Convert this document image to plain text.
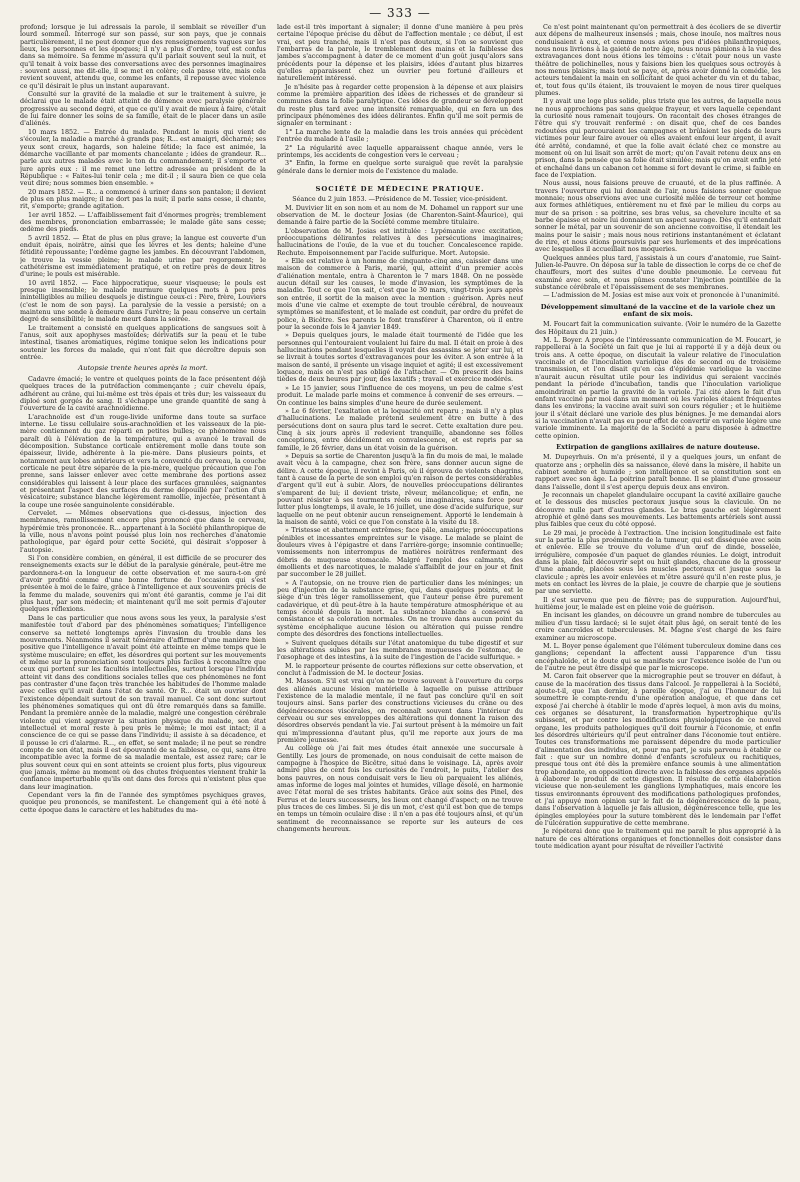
— 333 —

profond; lorsque je lui adressais la parole, il semblait se réveiller d'un lourd sommeil. Interrogé sur son passé, sur son pays, que je connais particulièrement, il ne peut donner que des renseignements vagues sur les lieux, les personnes et les époques; il n'y a plus d'ordre, tout est confus dans sa mémoire. Sa femme m'assura qu'il parlait souvent seul la nuit, et qu'il tenait à voix basse des conversations avec des personnes imaginaires : souvent aussi, me dit-elle, il se met en colère; cela passe vite, mais cela revient souvent, attendu que, comme les enfants, il repousse avec violence ce qu'il désirait le plus un instant auparavant.

Consulté sur la gravité de la maladie et sur le traitement à suivre, je déclarai que le malade était atteint de démence avec paralysie générale progressive au second degré, et que ce qu'il y avait de mieux à faire, c'était de lui faire donner les soins de sa famille, était de le placer dans un asile d'aliénés.

10 mars 1852. — Entrée du malade. Pendant le mois qui vient de s'écouler, la maladie a marché à grands pas; R... est amaigri, décharné; ses yeux sont creux, hagards, son haleine fétide; la face est animée, la démarche vacillante et par moments chancelante ; idées de grandeur. R... parle aux autres malades avec le ton du commandement; il s'emporte et jure après eux : il me remet une lettre adressée au président de la République : « Faites-lui tenir cela ; me dit-il ; il saura bien ce que cela veut dire; nous sommes bien ensemble. »

20 mars 1852. — R... a commencé à uriner dans son pantalon; il devient de plus en plus maigre; il ne dort pas la nuit; il parle sans cesse, il chante, rit, s'emporte; grande agitation.

1er avril 1852. — L'affaiblissement fait d'énormes progrès; tremblement des membres, prononciation embarrassée; le malade gâte sans cesse; œdème des pieds.

5 avril 1852. — État de plus en plus grave; la langue est couverte d'un enduit épais, noirâtre, ainsi que les lèvres et les dents; haleine d'une fétidité repoussante; l'œdème gagne les jambes. En découvrant l'abdomen, je trouve la vessie pleine; le malade urine par regorgement; le cathétérisme est immédiatement pratiqué, et on retire près de deux litres d'urine; le pouls est misérable.

10 avril 1852. — Face hippocratique, sueur visqueuse; le pouls est presque insensible; le malade murmure quelques mots à peu près inintelligibles au milieu desquels je distingue ceux-ci : Père, frère, Louviers (c'est le nom de son pays). La paralysie de la vessie a persisté; on a maintenu une sonde à demeure dans l'urètre; la peau conserve un certain degré de sensibilité; le malade meurt dans la soirée.

Le traitement a consisté en quelques applications de sangsues soit à l'anus, soit aux apophyses mastoïdes; dérivatifs sur la peau et le tube intestinal, tisanes aromatiques, régime tonique selon les indications pour soutenir les forces du malade, qui n'ont fait que décroître depuis son entrée.

Autopsie trente heures après la mort.

Cadavre émacié; le ventre et quelques points de la face présentent déjà quelques traces de la putréfaction commençante ; cuir chevelu épais, adhérent au crâne, qui lui-même est très épais et très dur; les vaisseaux du diploé sont gorgés de sang. Il s'échappe une grande quantité de sang à l'ouverture de la cavité arachnoïdienne.

L'arachnoïde est d'un rouge-livide uniforme dans toute sa surface interne. Le tissu cellulaire sous-arachnoïdien et les vaisseaux de la pie-mère contiennent du gaz réparti en petites bulles; ce phénomène nous paraît dû à l'élévation de la température, qui a avancé le travail de décomposition. Substance corticale entièrement molle dans toute son épaisseur, livide, adhérente à la pie-mère. Dans plusieurs points, et notamment aux lobes antérieurs et vers la convexité du cerveau, la couche corticale ne peut être séparée de la pie-mère, quelque précaution que l'on prenne, sans laisser enlever avec cette membrane des portions assez considérables qui laissent à leur place des surfaces granulées, saignantes et présentant l'aspect des surfaces du derme dépouillé par l'action d'un vésicatoire; substance blanche légèrement ramollie, injectée, présentant à la coupe une rosée sanguinolente considérable.

Cervelet. — Mêmes observations que ci-dessus, injection des membranes, ramollissement encore plus prononcé que dans le cerveau, hypérémie très prononcée. R... appartenant à la Société philanthropique de la ville, nous n'avons point poussé plus loin nos recherches d'anatomie pathologique, par égard pour cette Société, qui désirait s'opposer à l'autopsie.

Si l'on considère combien, en général, il est difficile de se procurer des renseignements exacts sur le début de la paralysie générale, peut-être me pardonnera-t-on la longueur de cette observation et me saura-t-on gré d'avoir profité comme d'une bonne fortune de l'occasion qui s'est présentée à moi de le faire, grâce à l'intelligence et aux souvenirs précis de la femme du malade, souvenirs qui m'ont été garantis, comme je l'ai dit plus haut, par son médecin; et maintenant qu'il me soit permis d'ajouter quelques réflexions.

Dans le cas particulier que nous avons sous les yeux, la paralysie s'est manifestée tout d'abord par des phénomènes somatiques; l'intelligence conserve sa netteté longtemps après l'invasion du trouble dans les mouvements. Néanmoins il serait téméraire d'affirmer d'une manière bien positive que l'intelligence n'avait point été atteinte en même temps que le système musculaire; en effet, les désordres qui portent sur les mouvements et même sur la prononciation sont toujours plus faciles à reconnaître que ceux qui portent sur les facultés intellectuelles, surtout lorsque l'individu atteint vit dans des conditions sociales telles que ces phénomènes ne font pas contraster d'une façon très tranchée les habitudes de l'homme malade avec celles qu'il avait dans l'état de santé. Or R... était un ouvrier dont l'existence dépendait surtout de son travail manuel. Ce sont donc surtout les phénomènes somatiques qui ont dû être remarqués dans sa famille. Pendant la première année de la maladie, malgré une congestion cérébrale violente qui vient aggraver la situation physique du malade, son état intellectuel et moral reste à peu près le même; le moi est intact; il a conscience de ce qui se passe dans l'individu; il assiste à sa décadence, et il pousse le cri d'alarme. R..., en effet, se sent malade; il ne peut se rendre compte de son état, mais il est épouvanté de sa faiblesse, ce qui, sans être incompatible avec la forme de sa maladie mentale, est assez rare; car le plus souvent ceux qui en sont atteints se croient plus forts, plus vigoureux que jamais, même au moment où des chutes fréquentes viennent trahir la confiance imperturbable qu'ils ont dans des forces qui n'existent plus que dans leur imagination.

Cependant vers la fin de l'année des symptômes psychiques graves, quoique peu prononcés, se manifestent. Le changement qui a été noté à cette époque dans le caractère et les habitudes du ma-

lade est-il très important à signaler; il donne d'une manière à peu près certaine l'époque précise du début de l'affection mentale ; ce début, il est vrai, est peu tranché, mais il n'est pas douteux, si l'on se souvient que l'embarras de la parole, le tremblement des mains et la faiblesse des jambes s'accompagnent à dater de ce moment d'un goût jusqu'alors sans précédents pour la dépense et les plaisirs, idées d'autant plus bizarres qu'elles apparaissent chez un ouvrier peu fortuné d'ailleurs et naturellement intéressé.

Je n'hésite pas à regarder cette propension à la dépense et aux plaisirs comme la première apparition des idées de richesses et de grandeur si communes dans la folie paralytique. Ces idées de grandeur se développent du reste plus tard avec une intensité remarquable, qui en fera un des principaux phénomènes des idées délirantes. Enfin qu'il me soit permis de signaler en terminant :

1° La marche lente de la maladie dans les trois années qui précèdent l'entrée du malade à l'asile ;

2° La régularité avec laquelle apparaissent chaque année, vers le printemps, les accidents de congestion vers le cerveau ;

3° Enfin, la forme en quelque sorte suraiguë que revêt la paralysie générale dans le dernier mois de l'existence du malade.

SOCIÉTÉ DE MÉDECINE PRATIQUE.

Séance du 2 juin 1853. —Présidence de M. Tessier, vice-président.

M. Duvivier lit en son nom et au nom de M. Dohamel un rapport sur une observation de M. le docteur Josias (de Charenton-Saint-Maurice), qui demande à faire partie de la Société comme membre titulaire.

L'observation de M. Josias est intitulée : Lypémanie avec excitation, préoccupations délirantes relatives à des persécutions imaginaires; hallucinations de l'ouïe, de la vue et du toucher. Concalescence rapide. Rechute. Empoisonnement par l'acide sulfurique. Mort. Autopsie.

« Elle est relative à un homme de cinquante-cinq ans, caissier dans une maison de commerce à Paris, marié, qui, atteint d'un premier accès d'aliénation mentale, entra à Charenton le 7 mars 1848. On ne possède aucun détail sur les causes, le mode d'invasion, les symptômes de la maladie. Tout ce que l'on sait, c'est que le 30 mars, vingt-trois jours après son entrée, il sortit de la maison avec la mention : guérison. Après neuf mois d'une vie calme et exempte de tout trouble cérébral, de nouveaux symptômes se manifestent, et le malade est conduit, par ordre du préfet de police, à Bicêtre. Ses parents le font transférer à Charenton, où il entre pour la seconde fois le 4 janvier 1849.

» Depuis quelques jours, le malade était tourmenté de l'idée que les personnes qui l'entouraient voulaient lui faire du mal. Il était en proie à des hallucinations pendant lesquelles il voyait des assassins se jeter sur lui, et se livrait à toutes sortes d'extravagances pour les éviter. A son entrée à la maison de santé, il présente un visage inquiet et agité; il est excessivement loquace, mais on n'est pas obligé de l'attacher. — On prescrit des bains tièdes de deux heures par jour, des laxatifs ; travail et exercice modérés.

» Le 15 janvier, sous l'influence de ces moyens, un peu de calme s'est produit. Le malade parle moins et commence à convenir de ses erreurs. — On continue les bains simples d'une heure de durée seulement.

» Le 6 février, l'exaltation et la loquacité ont reparu ; mais il n'y a plus d'hallucinations. Le malade prétend seulement être en butte à des persécutions dont on saura plus tard le secret. Cette exaltation dure peu. Cinq à six jours après il redevient tranquille, abandonne ses folles conceptions, entre décidément en convalescence, et est repris par sa famille, le 26 février, dans un état voisin de la guérison.

» Depuis sa sortie de Charenton jusqu'à la fin du mois de mai, le malade avait vécu à la campagne, chez son frère, sans donner aucun signe de délire. A cette époque, il revint à Paris, où il éprouva de violents chagrins, tant à cause de la perte de son emploi qu'en raison de pertes considérables d'argent qu'il eut à subir. Alors, de nouvelles préoccupations délirantes s'emparent de lui; il devient triste, rêveur, mélancolique; et enfin, ne pouvant résister à ses tourments réels ou imaginaires, sans force pour lutter plus longtemps, il avale, le 16 juillet, une dose d'acide sulfurique, sur laquelle on ne peut obtenir aucun renseignement. Apporté le lendemain à la maison de santé, voici ce que l'on constate à la visite du 18.

» Tristesse et abattement extrêmes; face pâle, amaigrie; préoccupations pénibles et incessantes empreintes sur le visage. Le malade se plaint de douleurs vives à l'épigastre et dans l'arrière-gorge; insomnie continuelle; vomissements non interrompus de matières noirâtres renfermant des débris de muqueuse stomacale. Malgré l'emploi des calmants, des émollients et des narcotiques, le malade s'affaiblit de jour en jour et finit par succomber le 28 juillet.

» A l'autopsie, on ne trouve rien de particulier dans les méninges; un peu d'injection de la substance grise, qui, dans quelques points, est le siège d'un très léger ramollissement, que l'auteur pense être purement cadavérique, et dû peut-être à la haute température atmosphérique et au temps écoulé depuis la mort. La substance blanche a conservé sa consistance et sa coloration normales. On ne trouve dans aucun point du système encéphalique aucune lésion ou altération qui puisse rendre compte des désordres des fonctions intellectuelles.

» Suivent quelques détails sur l'état anatomique du tube digestif et sur les altérations subies par les membranes muqueuses de l'estomac, de l'œsophage et des intestins, à la suite de l'ingestion de l'acide sulfurique. »

M. le rapporteur présente de courtes réflexions sur cette observation, et conclut à l'admission de M. le docteur Josias.

M. Masson. S'il est vrai qu'on ne trouve souvent à l'ouverture du corps des aliénés aucune lésion matérielle à laquelle on puisse attribuer l'existence de la maladie mentale, il ne faut pas conclure qu'il en soit toujours ainsi. Sans parler des constructions vicieuses du crâne ou des dégénérescences viscérales, on reconnaît souvent dans l'intérieur du cerveau ou sur ses enveloppes des altérations qui donnent la raison des désordres observés pendant la vie. J'ai surtout présent à la mémoire un fait qui m'impressionna d'autant plus, qu'il me reporte aux jours de ma première jeunesse.

Au collège où j'ai fait mes études était annexée une succursale à Gentilly. Les jours de promenade, on nous conduisait de cette maison de campagne à l'hospice de Bicêtre, situé dans le voisinage. Là, après avoir admiré plus de cent fois les curiosités de l'endroit, le puits, l'atelier des bons pauvres, on nous conduisait vers le lieu où parquaient les aliénés, amas informe de loges mal jointes et humides, village désolé, en harmonie avec l'état moral de ses tristes habitants. Grâce aux soins des Pinel, des Ferrus et de leurs successeurs, les lieux ont changé d'aspect; on ne trouve plus traces de ces limbes. Si je dis un mot, c'est qu'il est bon que de temps en temps un témoin oculaire dise : il n'en a pas été toujours ainsi, et qu'un sentiment de reconnaissance se reporte sur les auteurs de ces changements heureux.

Ce n'est point maintenant qu'on permettrait à des écoliers de se divertir aux dépens de malheureux insensés ; mais, chose inouïe, nos maîtres nous conduisaient à eux, et comme nous avions peu d'idées philanthropiques, nous nous livrions à la gaieté de notre âge, nous nous pâmions à la vue des extravagances dont nous étions les témoins : c'était pour nous un vaste théâtre de polichinelles, nous y faisions bien les quelques sous octroyés à nos menus plaisirs; mais tout se paye, et, après avoir donné la comédie, les acteurs tendaient la main en sollicitant de quoi acheter du vin et du tabac, et, tout fous qu'ils étaient, ils trouvaient le moyen de nous tirer quelques plumes.

Il y avait une loge plus solide, plus triste que les autres, de laquelle nous ne nous approchions pas sans quelque frayeur, et vers laquelle cependant la curiosité nous ramenait toujours. On racontait des choses étranges de l'être qui s'y trouvait renfermé : on disait que, chef de ces bandes redoutées qui parcouraient les campagnes et brûlaient les pieds de leurs victimes pour leur faire avouer où elles avaient enfoui leur argent, il avait été arrêté, condamné, et que la folie avait éclaté chez ce monstre au moment où on lui lisait son arrêt de mort; qu'on l'avait retenu deux ans en prison, dans la pensée que sa folie était simulée; mais qu'on avait enfin jeté et enchaîné dans un cabanon cet homme si fort devant le crime, si faible en face de l'expiation.

Nous aussi, nous faisions preuve de cruauté, et de la plus raffinée. A travers l'ouverture qui lui donnait de l'air, nous faisions sonner quelque monnaie; nous observions avec une curiosité mêlée de terreur cet homme aux formes athlétiques, entièrement nu et fixé par le milieu du corps au mur de sa prison : sa poitrine, ses bras velus, sa chevelure inculte et sa barbe épaisse et noire lui donnaient un aspect sauvage. Dès qu'il entendait sonner le métal, par un souvenir de son ancienne convoitise, il étendait les mains pour le saisir ; mais nous nous retirions instantanément et éclatant de rire, et nous étions poursuivis par ses hurlements et des imprécations avec lesquelles il accueillait nos moqueries.

Quelques années plus tard, j'assistais à un cours d'anatomie, rue Saint-Julien-le-Pauvre. On déposa sur la table de dissection le corps de ce chef de chauffeurs, mort des suites d'une double pneumonie. Le cerveau fut examiné avec soin, et nous pûmes constater l'injection pointillée de la substance cérébrale et l'épaississement de ses membranes.

— L'admission de M. Josias est mise aux voix et prononcée à l'unanimité.

Développement simultané de la vaccine et de la variole chez un enfant de six mois.

M. Foucart fait la communication suivante. (Voir le numéro de la Gazette des Hôpitaux du 21 juin.)

M. L. Boyer. A propos de l'intéressante communication de M. Foucart, je rappellerai à la Société un fait que je lui ai rapporté il y a déjà deux ou trois ans. A cette époque, on discutait la valeur relative de l'inoculation vaccinale et de l'inoculation variolique dès de second ou de troisième transmission, et l'on disait qu'en cas d'épidémie variolique la vaccine n'aurait aucun résultat utile pour les individus qui seraient vaccinés pendant la période d'incubation, tandis que l'inoculation variolique amoindrirait en partie la gravité de la variole. J'ai cité alors le fait d'un enfant vacciné par moi dans un moment où les varioles étaient fréquentes dans les environs; la vaccine avait suivi son cours régulier ; et le huitième jour il s'était déclaré une variole des plus bénignes. Je me demandai alors si la vaccination n'avait pas eu pour effet de convertir en variole légère une variole imminente. La majorité de la Société a paru disposée à admettre cette opinion.

Extirpation de ganglions axillaires de nature douteuse.

M. Dupeyrhuis. On m'a présenté, il y a quelques jours, un enfant de quatorze ans ; orphelin dès sa naissance, élevé dans la misère, il habite un cabinet sombre et humide ; son intelligence et sa constitution sont en rapport avec son âge. La poitrine paraît bonne. Il se plaint d'une grosseur dans l'aisselle, dont il s'est aperçu depuis deux ans environ.

Je reconnais un chapelet glandulaire occupant la cavité axillaire gauche et le dessous des muscles pectoraux jusque sous la clavicule. On ne découvre nulle part d'autres glandes. Le bras gauche est légèrement atrophié et gêné dans ses mouvements. Les battements artériels sont aussi plus faibles que ceux du côté opposé.

Le 29 mai, je procède à l'extraction. Une incision longitudinale est faite sur la partie la plus proéminente de la tumeur, qui est disséquée avec soin et enlevée. Elle se trouve du volume d'un œuf de dinde, bosselée, irrégulière, composée d'un paquet de glandes réunies. Le doigt, introduit dans la plaie, fait découvrir sept ou huit glandes, chacune de la grosseur d'une amande, placées sous les muscles pectoraux et jusque sous la clavicule ; après les avoir enlevées et m'être assuré qu'il n'en reste plus, je mets en contact les lèvres de la plaie, je couvre de charpie que je soutiens par une serviette.

Il s'est survenu que peu de fièvre; pas de suppuration. Aujourd'hui, huitième jour, le malade est en pleine voie de guérison.

En incisant les glandes, on découvre un grand nombre de tubercules au milieu d'un tissu lardacé; si le sujet était plus âgé, on serait tenté de les croire cancroïdes et tuberculeuses. M. Magne s'est chargé de les faire examiner au microscope.

M. L. Boyer pense également que l'élément tuberculeux domine dans ces ganglions; cependant la affectent aussi l'apparence d'un tissu encéphaloïde, et le doute qui se manifeste sur l'existence isolée de l'un ou de l'autre ne peut être dissipé que par le microscope.

M. Caron fait observer que la micrographie peut se trouver en défaut, à cause de la macération des tissus dans l'alcool. Je rappellerai à la Société, ajoute-t-il, que l'an dernier, à pareille époque, j'ai eu l'honneur de lui soumettre le compte-rendu d'une opération analogue, et que dans cet exposé j'ai cherché à établir le mode d'après lequel, à mon avis du moins, ces organes se désaturent, la transformation hypertrophique qu'ils subissent, et par contre les modifications physiologiques de ce nouvel organe, les produits pathologiques qu'il doit fournir à l'économie, et enfin les désordres ultérieurs qu'il peut entraîner dans l'économie tout entière. Toutes ces transformations me paraissent dépendre du mode particulier d'alimentation des individus, et, pour ma part, je suis parvenu à établir ce fait : que sur un nombre donné d'enfants scrofuleux ou rachitiques, presque tous ont été dès la première enfance soumis à une alimentation trop abondante, en opposition directe avec la faiblesse des organes appelés à élaborer le produit de cette digestion. Il résulte de cette élaboration vicieuse que non-seulement les ganglions lymphatiques, mais encore les tissus environnants éprouvent des modifications pathologiques profondes, et j'ai appuyé mon opinion sur le fait de la dégénérescence de la peau, dans l'observation à laquelle je fais allusion, dégénérescence telle, que les épingles employées pour la suture tombèrent dès le lendemain par l'effet de l'ulcération suppurative de cette membrane.

Je répéterai donc que le traitement qui me paraît le plus approprié à la nature de ces altérations organiques et fonctionnelles doit consister dans toute médication ayant pour résultat de réveiller l'activité
